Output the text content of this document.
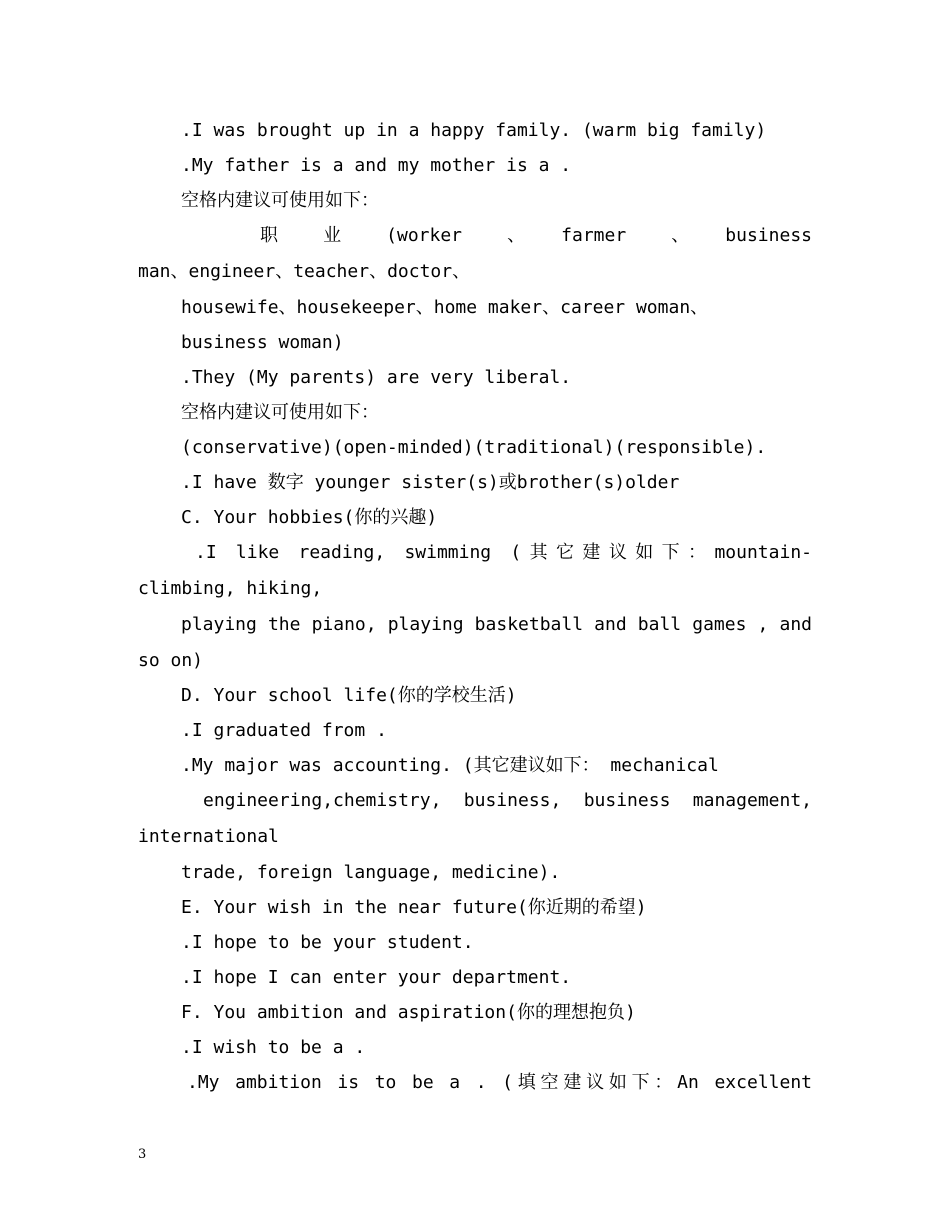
.I was brought up in a happy family. (warm big family)
.My father is a and my mother is a .
空格内建议可使用如下：
职　业　(worker　、　farmer　、　business
man、engineer、teacher、doctor、
housewife、housekeeper、home maker、career woman、
business woman)
.They (My parents) are very liberal.
空格内建议可使用如下：
(conservative)(open-minded)(traditional)(responsible).
.I have 数字 younger sister(s)或brother(s)older
C. Your hobbies(你的兴趣)
.I like reading, swimming (其它建议如下：mountain-
climbing, hiking,
playing the piano, playing basketball and ball games , and
so on)
D. Your school life(你的学校生活)
.I graduated from .
.My major was accounting. (其它建议如下： mechanical
engineering,chemistry, business, business management,
international
trade, foreign language, medicine).
E. Your wish in the near future(你近期的希望)
.I hope to be your student.
.I hope I can enter your department.
F. You ambition and aspiration(你的理想抱负)
.I wish to be a .
.My ambition is to be a . (填空建议如下：An excellent
3
